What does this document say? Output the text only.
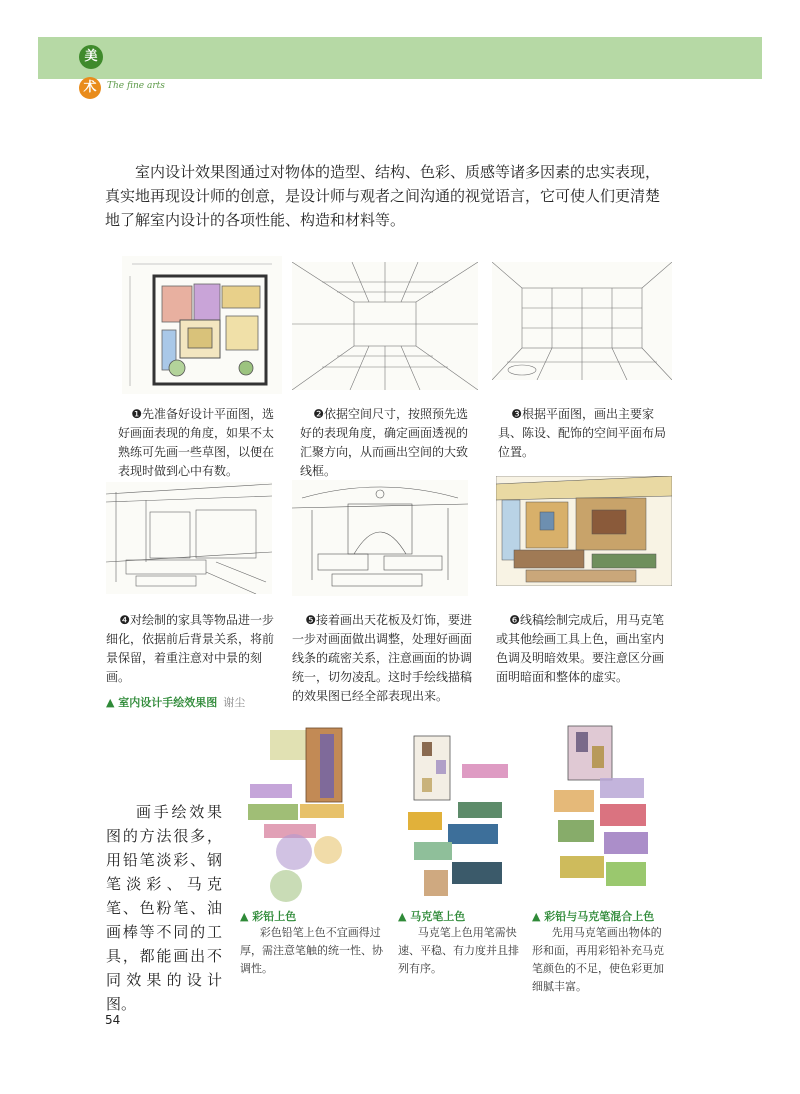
美
术	The fine arts

室内设计效果图通过对物体的造型、结构、色彩、质感等诸多因素的忠实表现，真实地再现设计师的创意，是设计师与观者之间沟通的视觉语言，它可使人们更清楚地了解室内设计的各项性能、构造和材料等。

❶先准备好设计平面图，选好画面表现的角度，如果不太熟练可先画一些草图，以便在表现时做到心中有数。

❷依据空间尺寸，按照预先选好的表现角度，确定画面透视的汇聚方向，从而画出空间的大致线框。

❸根据平面图，画出主要家具、陈设、配饰的空间平面布局位置。

❹对绘制的家具等物品进一步细化，依据前后背景关系，将前景保留，着重注意对中景的刻画。

❺接着画出天花板及灯饰，要进一步对画面做出调整，处理好画面线条的疏密关系，注意画面的协调统一，切勿凌乱。这时手绘线描稿的效果图已经全部表现出来。

❻线稿绘制完成后，用马克笔或其他绘画工具上色，画出室内色调及明暗效果。要注意区分画面明暗面和整体的虚实。

▲ 室内设计手绘效果图 谢尘

画手绘效果图的方法很多，用铅笔淡彩、钢笔淡彩、马克笔、色粉笔、油画棒等不同的工具，都能画出不同效果的设计图。

▲ 彩铅上色

彩色铅笔上色不宜画得过厚，需注意笔触的统一性、协调性。

▲ 马克笔上色

马克笔上色用笔需快速、平稳、有力度并且排列有序。

▲ 彩铅与马克笔混合上色

先用马克笔画出物体的形和面，再用彩铅补充马克笔颜色的不足，使色彩更加细腻丰富。

54
